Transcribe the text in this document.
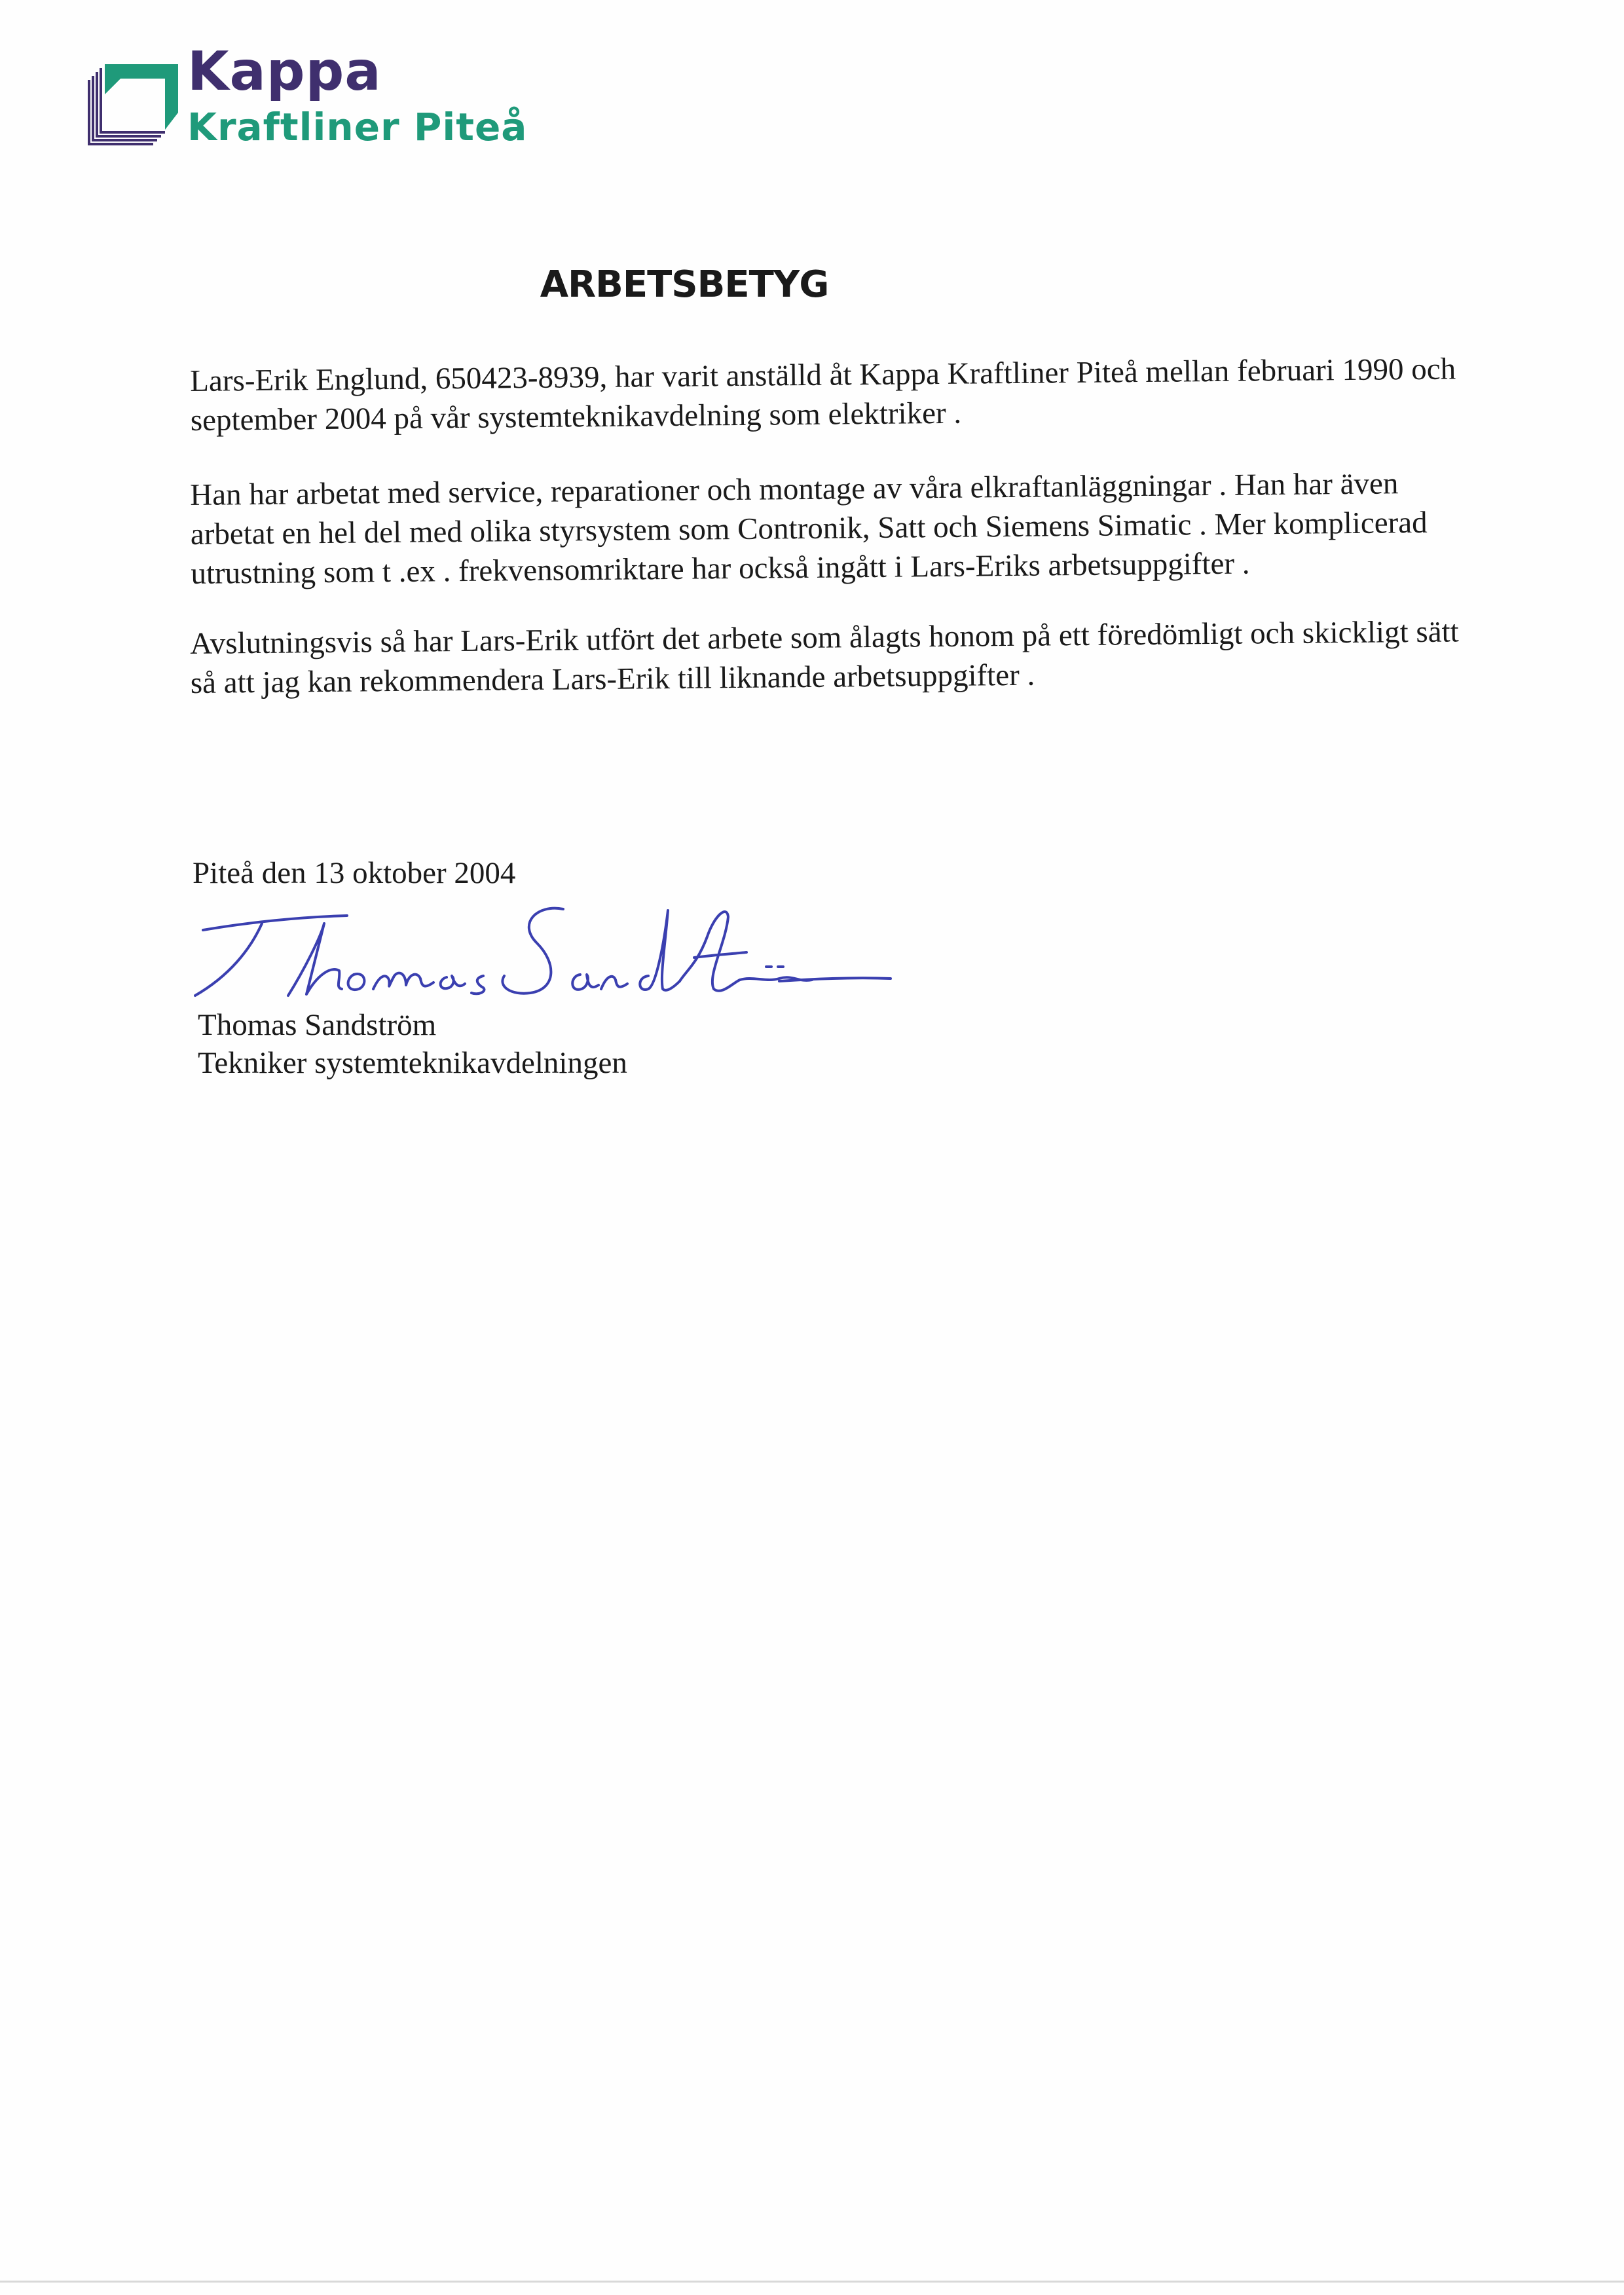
Kappa
Kraftliner Piteå
ARBETSBETYG
Lars-Erik Englund, 650423-8939, har varit anställd åt Kappa Kraftliner Piteå mellan februari 1990 och
september 2004 på vår systemteknikavdelning som elektriker .
Han har arbetat med service, reparationer och montage av våra elkraftanläggningar . Han har även
arbetat en hel del med olika styrsystem som Contronik, Satt och Siemens Simatic . Mer komplicerad
utrustning som t .ex . frekvensomriktare har också ingått i Lars-Eriks arbetsuppgifter .
Avslutningsvis så har Lars-Erik utfört det arbete som ålagts honom på ett föredömligt och skickligt sätt
så att jag kan rekommendera Lars-Erik till liknande arbetsuppgifter .
Piteå den 13 oktober 2004
Thomas Sandström
Tekniker systemteknikavdelningen
